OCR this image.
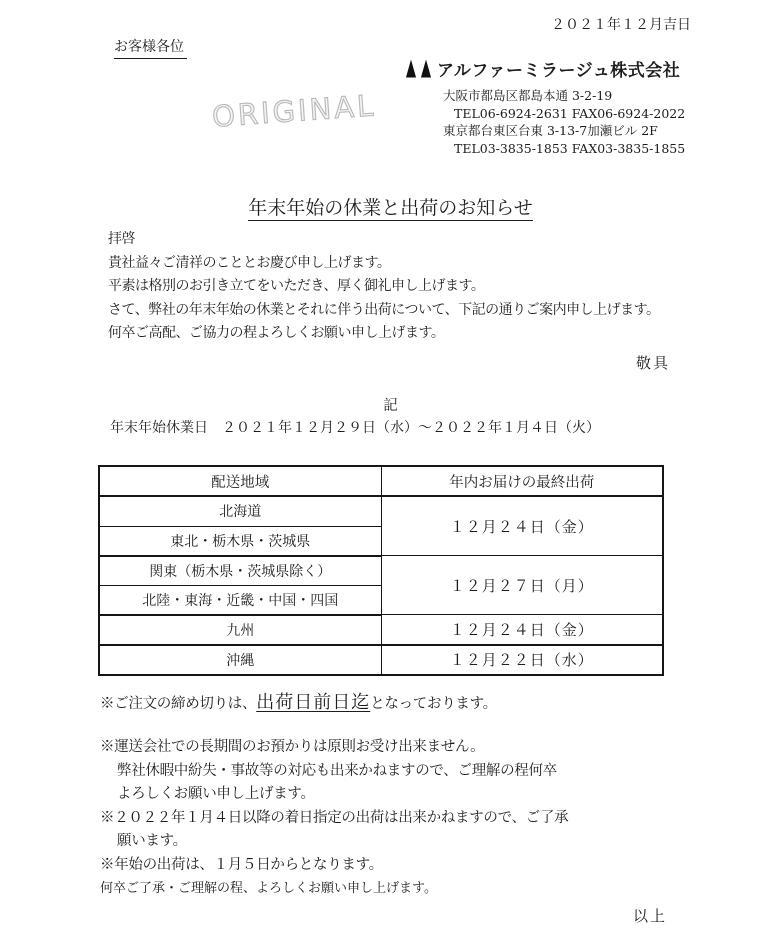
２０２１年１２月吉日
お客様各位
ORIGINAL
アルファーミラージュ株式会社
大阪市都島区都島本通 3-2-19
TEL06-6924-2631 FAX06-6924-2022
東京都台東区台東 3-13-7加瀬ビル 2F
TEL03-3835-1853 FAX03-3835-1855
年末年始の休業と出荷のお知らせ
拝啓
貴社益々ご清祥のこととお慶び申し上げます。
平素は格別のお引き立てをいただき、厚く御礼申し上げます。
さて、弊社の年末年始の休業とそれに伴う出荷について、下記の通りご案内申し上げます。
何卒ご高配、ご協力の程よろしくお願い申し上げます。
敬具
記
年末年始休業日 ２０２１年１２月２９日（水）～２０２２年１月４日（火）
配送地域	年内お届けの最終出荷
北海道	１２月２４日（金）
東北・栃木県・茨城県	
関東（栃木県・茨城県除く）	１２月２７日（月）
北陸・東海・近畿・中国・四国	
九州	１２月２４日（金）
沖縄	１２月２２日（水）
※ご注文の締め切りは、出荷日前日迄となっております。
※運送会社での長期間のお預かりは原則お受け出来ません。
弊社休暇中紛失・事故等の対応も出来かねますので、ご理解の程何卒
よろしくお願い申し上げます。
※２０２２年１月４日以降の着日指定の出荷は出来かねますので、ご了承
願います。
※年始の出荷は、１月５日からとなります。
何卒ご了承・ご理解の程、よろしくお願い申し上げます。
以上
